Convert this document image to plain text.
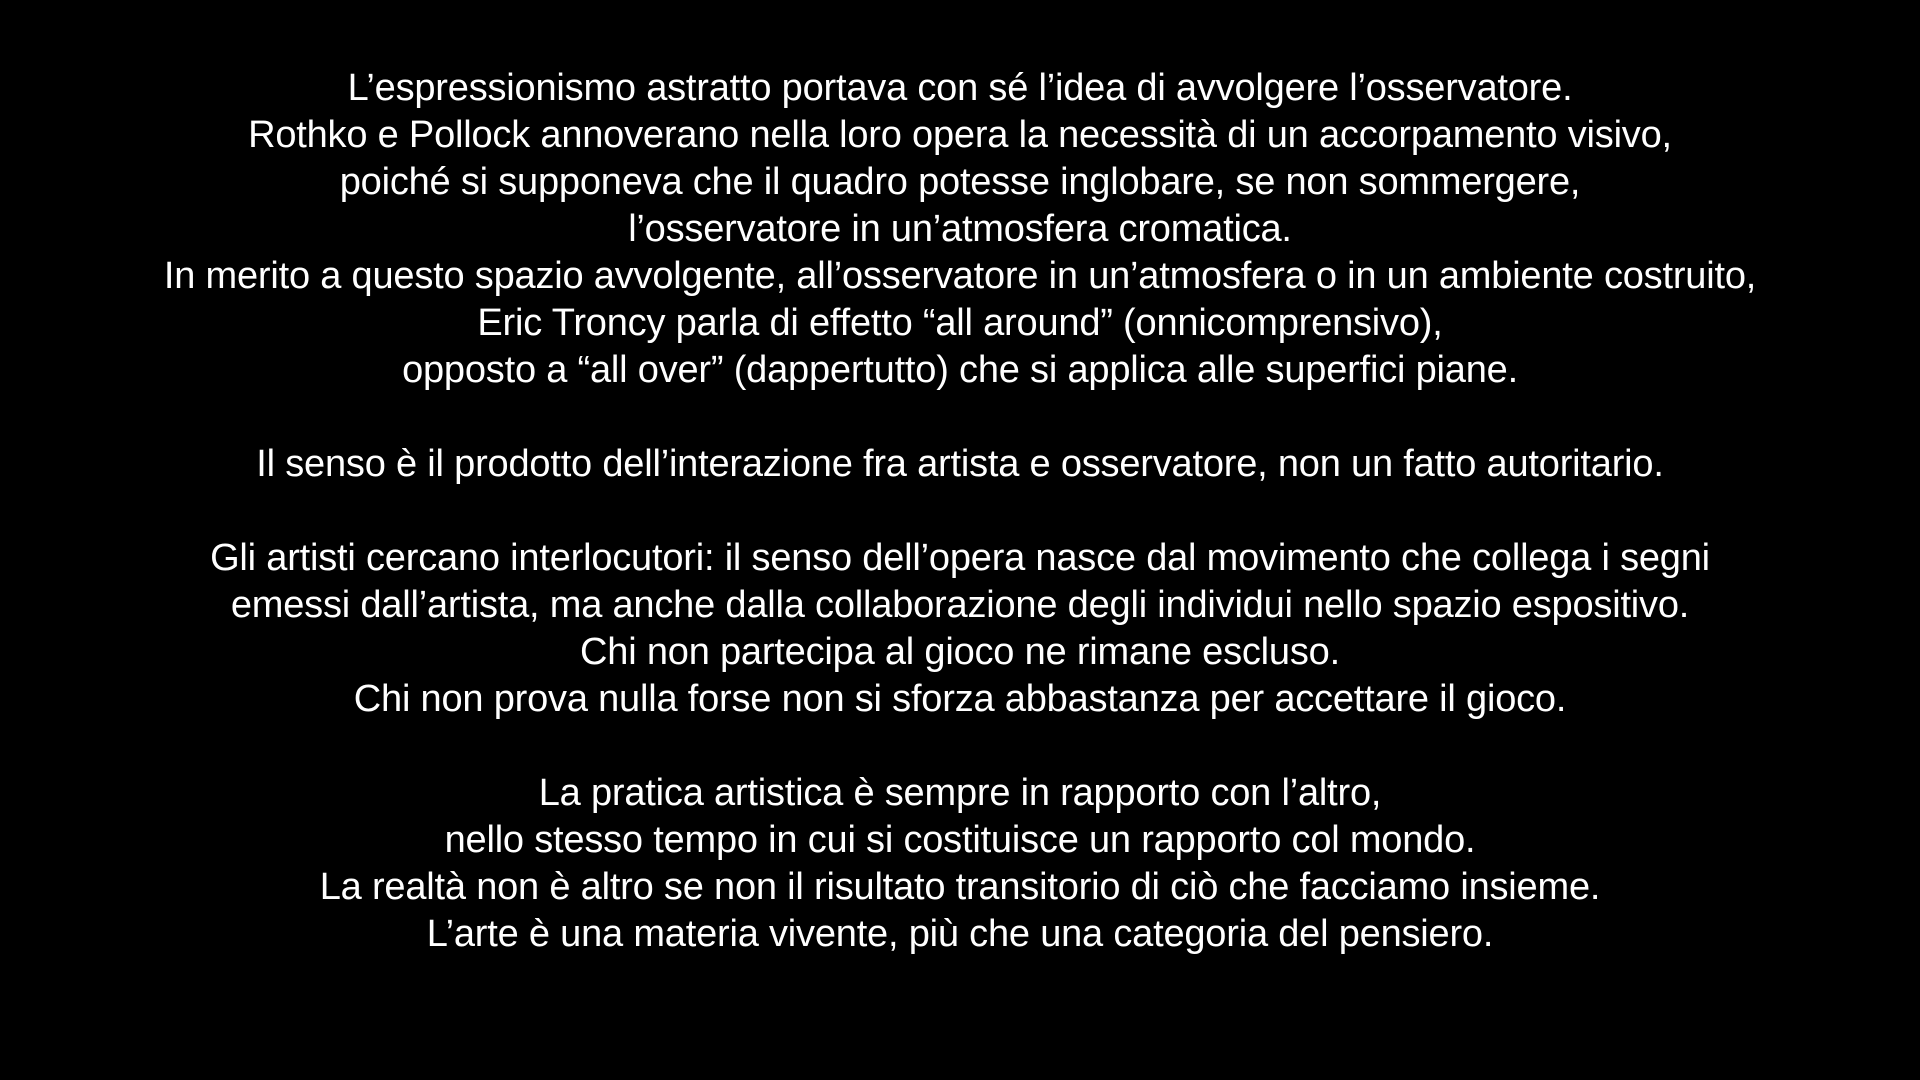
L’espressionismo astratto portava con sé l’idea di avvolgere l’osservatore.
Rothko e Pollock annoverano nella loro opera la necessità di un accorpamento visivo,
poiché si supponeva che il quadro potesse inglobare, se non sommergere,
l’osservatore in un’atmosfera cromatica.
In merito a questo spazio avvolgente, all’osservatore in un’atmosfera o in un ambiente costruito,
Eric Troncy parla di effetto “all around” (onnicomprensivo),
opposto a “all over” (dappertutto) che si applica alle superfici piane.
Il senso è il prodotto dell’interazione fra artista e osservatore, non un fatto autoritario.
Gli artisti cercano interlocutori: il senso dell’opera nasce dal movimento che collega i segni
emessi dall’artista, ma anche dalla collaborazione degli individui nello spazio espositivo.
Chi non partecipa al gioco ne rimane escluso.
Chi non prova nulla forse non si sforza abbastanza per accettare il gioco.
La pratica artistica è sempre in rapporto con l’altro,
nello stesso tempo in cui si costituisce un rapporto col mondo.
La realtà non è altro se non il risultato transitorio di ciò che facciamo insieme.
L’arte è una materia vivente, più che una categoria del pensiero.
